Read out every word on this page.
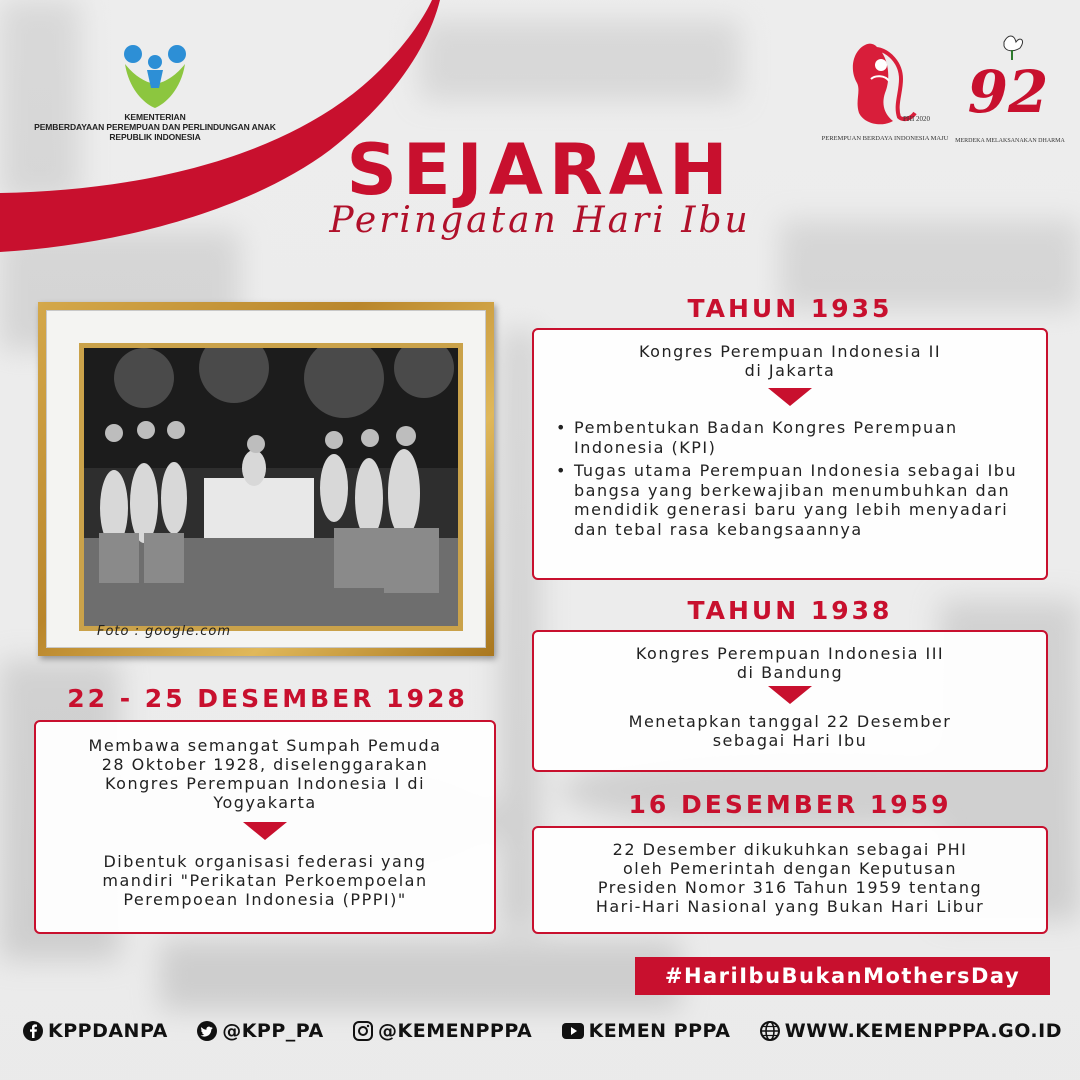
KEMENTERIAN
PEMBERDAYAAN PEREMPUAN DAN PERLINDUNGAN ANAK
REPUBLIK INDONESIA	SEJARAH
Peringatan Hari Ibu
PHI 2020
PEREMPUAN BERDAYA INDONESIA MAJU
92
MERDEKA MELAKSANAKAN DHARMA
Foto : google.com
TAHUN 1935
Kongres Perempuan Indonesia II
di Jakarta
• Pembentukan Badan Kongres Perempuan Indonesia (KPI)
• Tugas utama Perempuan Indonesia sebagai Ibu bangsa yang berkewajiban menumbuhkan dan mendidik generasi baru yang lebih menyadari dan tebal rasa kebangsaannya
TAHUN 1938
Kongres Perempuan Indonesia III
di Bandung
Menetapkan tanggal 22 Desember
sebagai Hari Ibu
16 DESEMBER 1959
22 Desember dikukuhkan sebagai PHI
oleh Pemerintah dengan Keputusan
Presiden Nomor 316 Tahun 1959 tentang
Hari-Hari Nasional yang Bukan Hari Libur
22 - 25 DESEMBER 1928
Membawa semangat Sumpah Pemuda
28 Oktober 1928, diselenggarakan
Kongres Perempuan Indonesia I di
Yogyakarta
Dibentuk organisasi federasi yang
mandiri "Perikatan Perkoempoelan
Perempoean Indonesia (PPPI)"
#HariIbuBukanMothersDay
KPPDANPA	@KPP_PA	@KEMENPPPA	KEMEN PPPA	WWW.KEMENPPPA.GO.ID
